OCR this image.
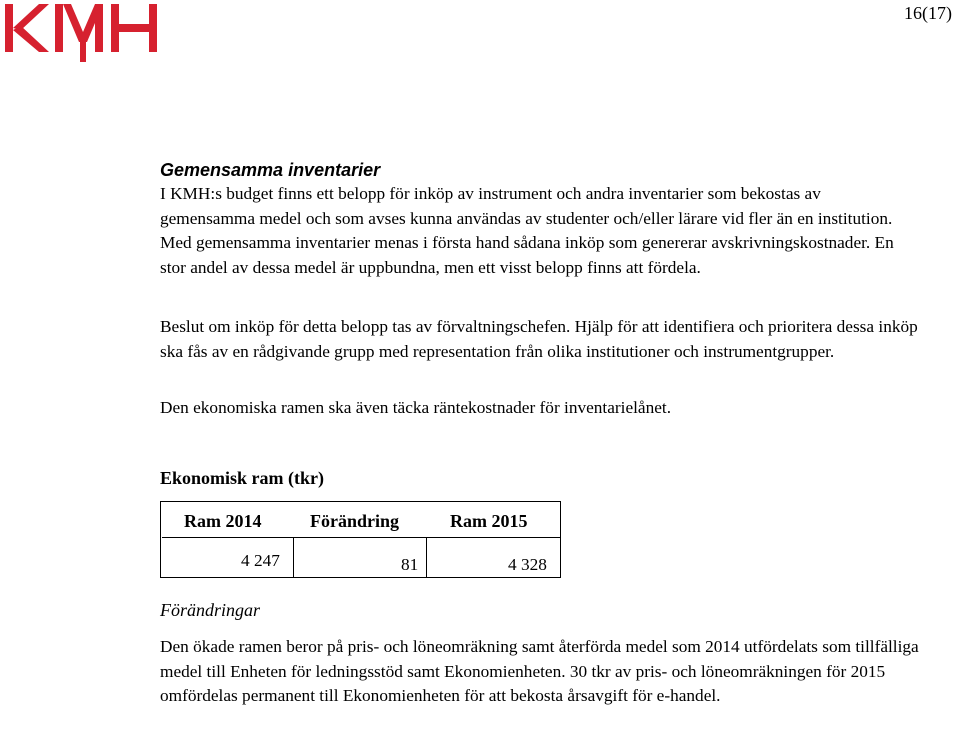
16(17)
Gemensamma inventarier

I KMH:s budget finns ett belopp för inköp av instrument och andra inventarier som bekostas av gemensamma medel och som avses kunna användas av studenter och/eller lärare vid fler än en institution. Med gemensamma inventarier menas i första hand sådana inköp som genererar avskrivningskostnader. En stor andel av dessa medel är uppbundna, men ett visst belopp finns att fördela.

Beslut om inköp för detta belopp tas av förvaltningschefen. Hjälp för att identifiera och prioritera dessa inköp ska fås av en rådgivande grupp med representation från olika institutioner och instrumentgrupper.

Den ekonomiska ramen ska även täcka räntekostnader för inventarielånet.

Ekonomisk ram (tkr)
Ram 2014	Förändring	Ram 2015
4 247	81	4 328
Förändringar

Den ökade ramen beror på pris- och löneomräkning samt återförda medel som 2014 utfördelats som tillfälliga medel till Enheten för ledningsstöd samt Ekonomienheten. 30 tkr av pris- och löneomräkningen för 2015 omfördelas permanent till Ekonomienheten för att bekosta årsavgift för e-handel.
